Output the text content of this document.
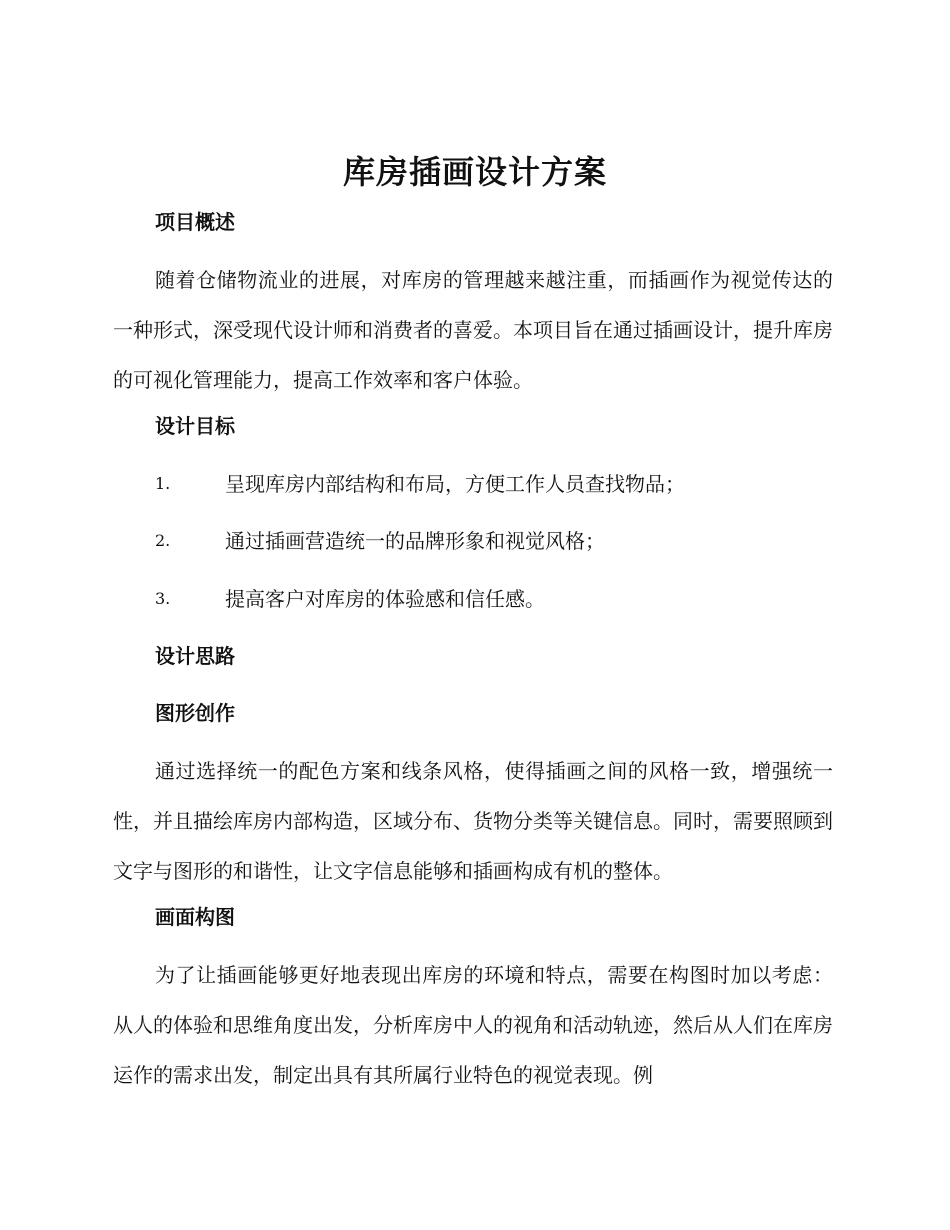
库房插画设计方案
项目概述
随着仓储物流业的进展，对库房的管理越来越注重，而插画作为视觉传达的一种形式，深受现代设计师和消费者的喜爱。本项目旨在通过插画设计，提升库房的可视化管理能力，提高工作效率和客户体验。
设计目标
1.	呈现库房内部结构和布局，方便工作人员查找物品；
2.	通过插画营造统一的品牌形象和视觉风格；
3.	提高客户对库房的体验感和信任感。
设计思路
图形创作
通过选择统一的配色方案和线条风格，使得插画之间的风格一致，增强统一性，并且描绘库房内部构造，区域分布、货物分类等关键信息。同时，需要照顾到文字与图形的和谐性，让文字信息能够和插画构成有机的整体。
画面构图
为了让插画能够更好地表现出库房的环境和特点，需要在构图时加以考虑：从人的体验和思维角度出发，分析库房中人的视角和活动轨迹，然后从人们在库房运作的需求出发，制定出具有其所属行业特色的视觉表现。例
